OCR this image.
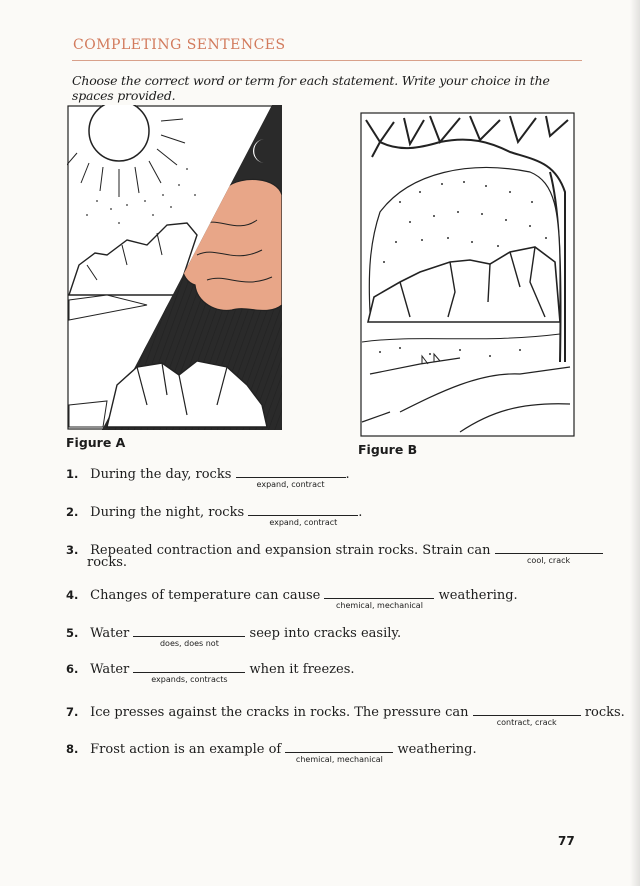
COMPLETING SENTENCES
Choose the correct word or term for each statement. Write your choice in the spaces provided.
Figure A	Figure B
1. During the day, rocks
expand, contract
.
2. During the night, rocks
expand, contract
.
3. Repeated contraction and expansion strain rocks. Strain can
cool, crack
rocks.
4. Changes of temperature can cause
chemical, mechanical
weathering.
5. Water
does, does not
seep into cracks easily.
6. Water
expands, contracts
when it freezes.
7. Ice presses against the cracks in rocks. The pressure can
contract, crack
rocks.
8. Frost action is an example of
chemical, mechanical
weathering.
77
